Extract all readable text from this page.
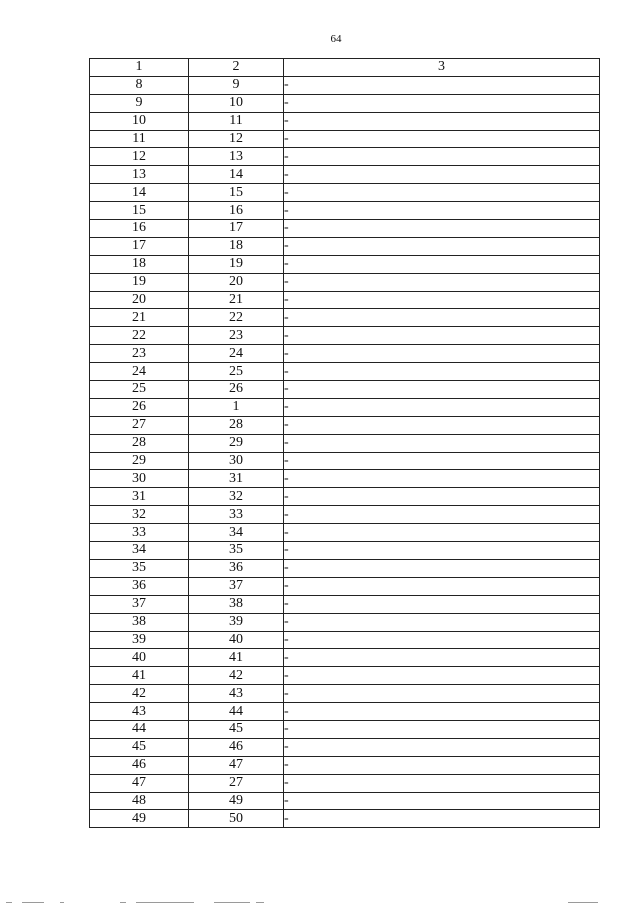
64
1	2	3
8	9	-
9	10	-
10	11	-
11	12	-
12	13	-
13	14	-
14	15	-
15	16	-
16	17	-
17	18	-
18	19	-
19	20	-
20	21	-
21	22	-
22	23	-
23	24	-
24	25	-
25	26	-
26	1	-
27	28	-
28	29	-
29	30	-
30	31	-
31	32	-
32	33	-
33	34	-
34	35	-
35	36	-
36	37	-
37	38	-
38	39	-
39	40	-
40	41	-
41	42	-
42	43	-
43	44	-
44	45	-
45	46	-
46	47	-
47	27	-
48	49	-
49	50	-
